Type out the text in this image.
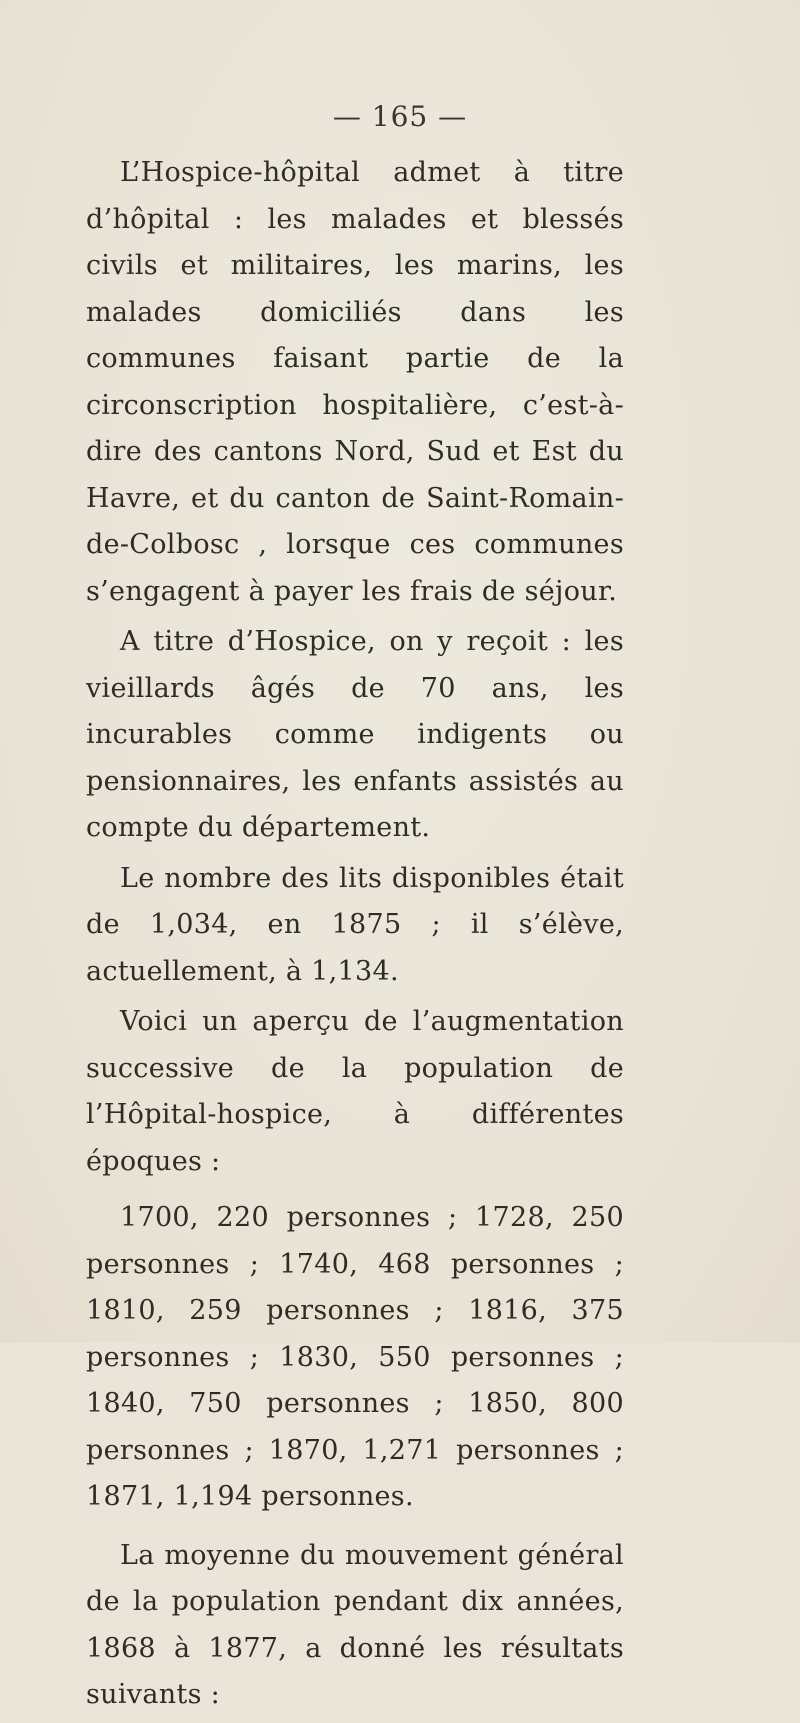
— 165 —

L’Hospice-hôpital admet à titre d’hôpital : les malades et blessés civils et militaires, les marins, les malades domiciliés dans les communes faisant partie de la circonscription hospitalière, c’est-à-dire des cantons Nord, Sud et Est du Havre, et du canton de Saint-Romain-de-Colbosc , lorsque ces communes s’engagent à payer les frais de séjour.

A titre d’Hospice, on y reçoit : les vieillards âgés de 70 ans, les incurables comme indigents ou pensionnaires, les enfants assistés au compte du département.

Le nombre des lits disponibles était de 1,034, en 1875 ; il s’élève, actuellement, à 1,134.

Voici un aperçu de l’augmentation successive de la population de l’Hôpital-hospice, à différentes époques :

1700, 220 personnes ; 1728, 250 personnes ; 1740, 468 personnes ; 1810, 259 personnes ; 1816, 375 personnes ; 1830, 550 personnes ; 1840, 750 personnes ; 1850, 800 personnes ; 1870, 1,271 personnes ; 1871, 1,194 personnes.

La moyenne du mouvement général de la population pendant dix années, 1868 à 1877, a donné les résultats suivants :
